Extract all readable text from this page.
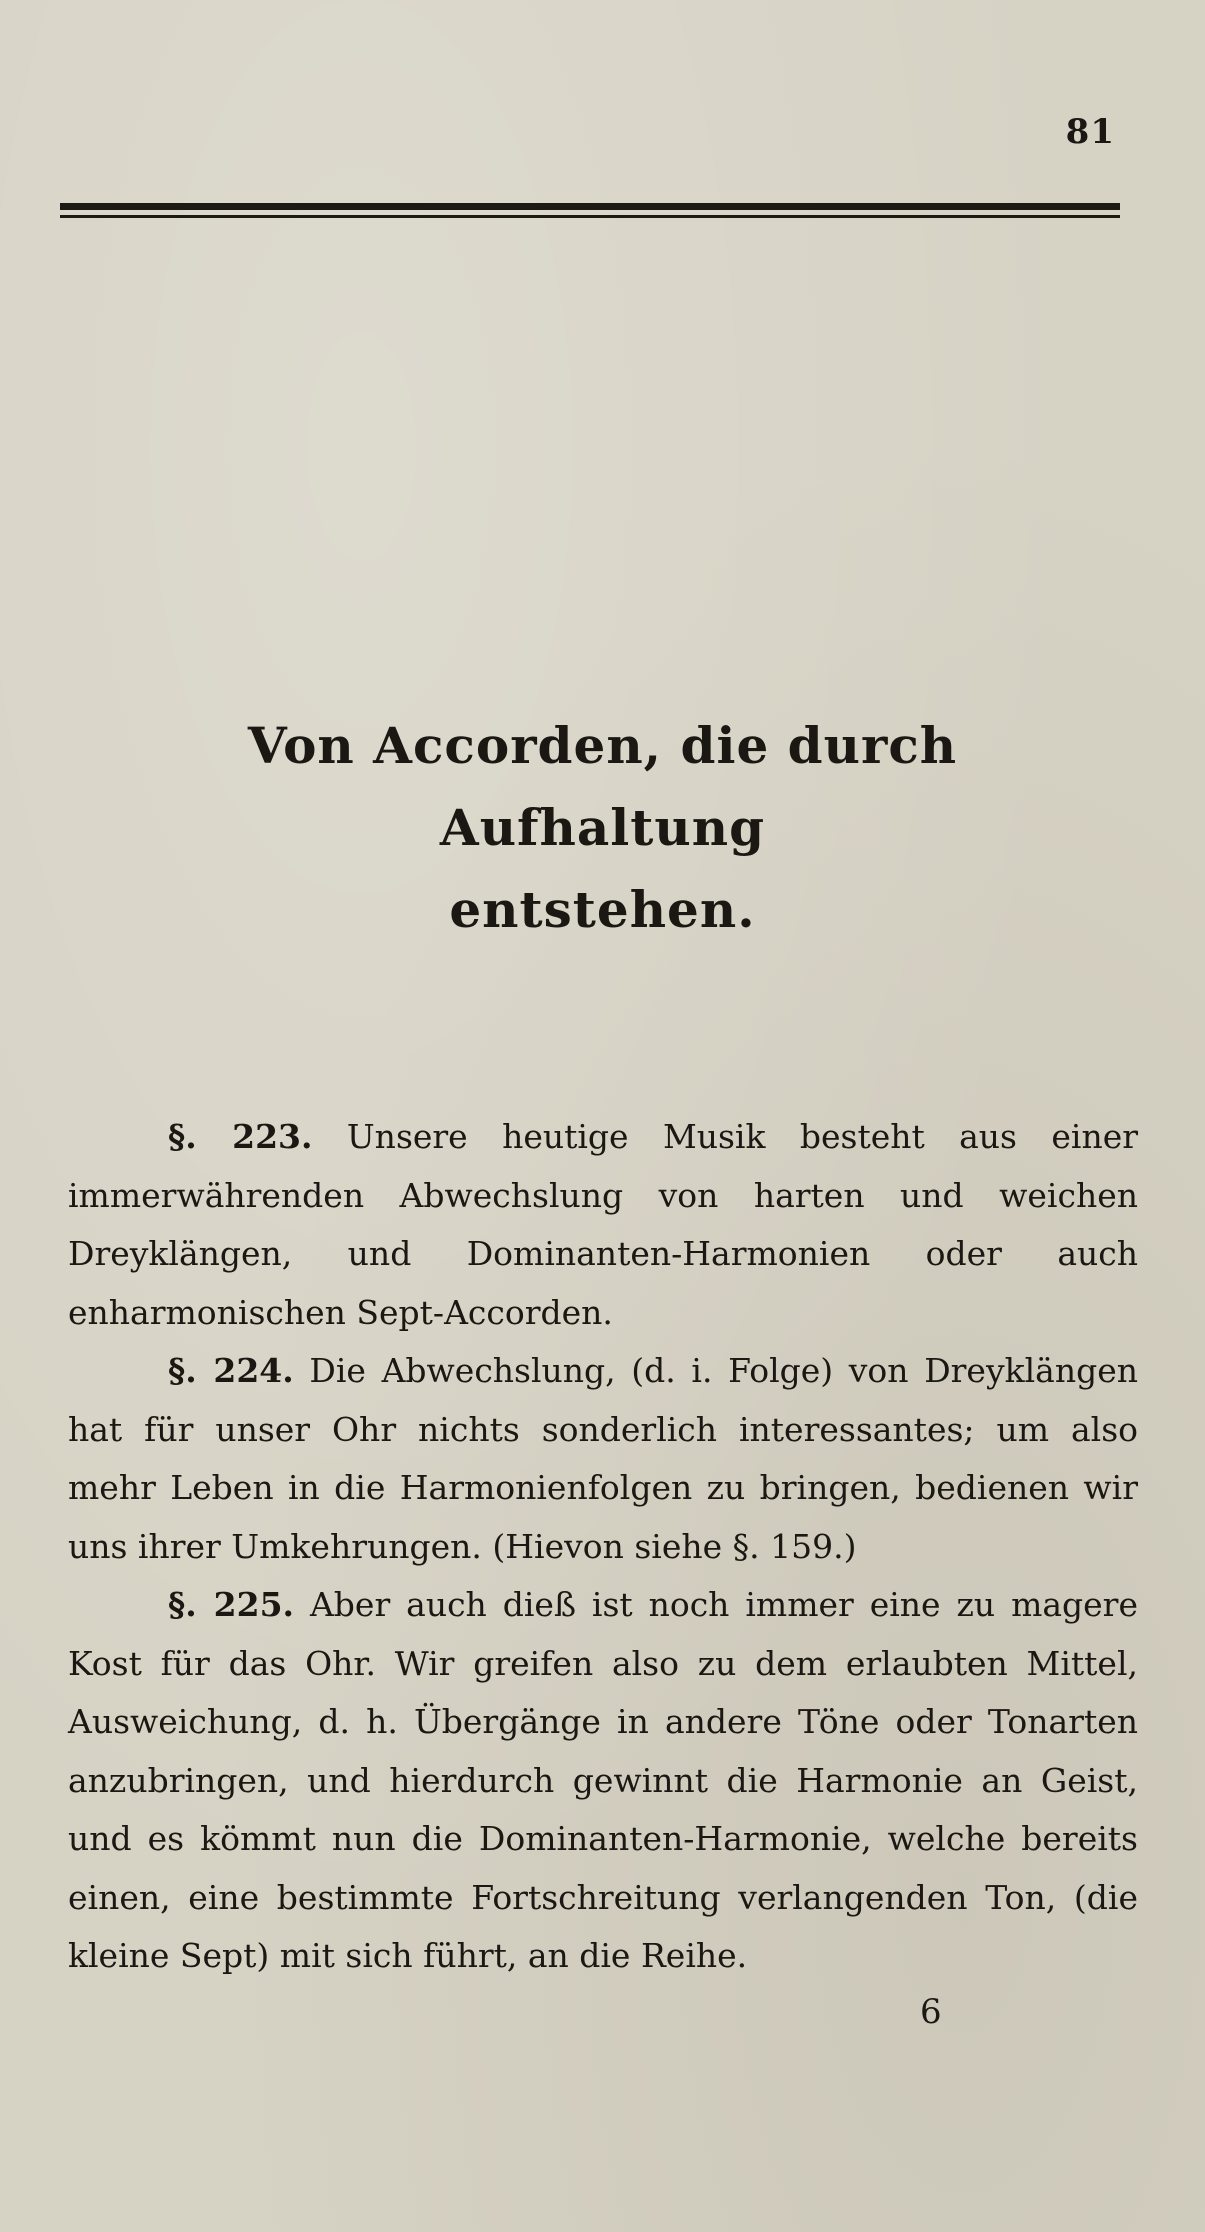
81
Von Accorden, die durch Aufhaltung
entstehen.

§. 223. Unsere heutige Musik besteht aus einer immerwährenden Abwechslung von harten und weichen Dreyklängen, und Dominanten-Harmonien oder auch enharmonischen Sept-Accorden.

§. 224. Die Abwechslung, (d. i. Folge) von Dreyklängen hat für unser Ohr nichts sonderlich interessantes; um also mehr Leben in die Harmonienfolgen zu bringen, bedienen wir uns ihrer Umkehrungen. (Hievon siehe §. 159.)

§. 225. Aber auch dieß ist noch immer eine zu magere Kost für das Ohr. Wir greifen also zu dem erlaubten Mittel, Ausweichung, d. h. Übergänge in andere Töne oder Tonarten anzubringen, und hierdurch gewinnt die Harmonie an Geist, und es kömmt nun die Dominanten-Harmonie, welche bereits einen, eine bestimmte Fortschreitung verlangenden Ton, (die kleine Sept) mit sich führt, an die Reihe.

6
